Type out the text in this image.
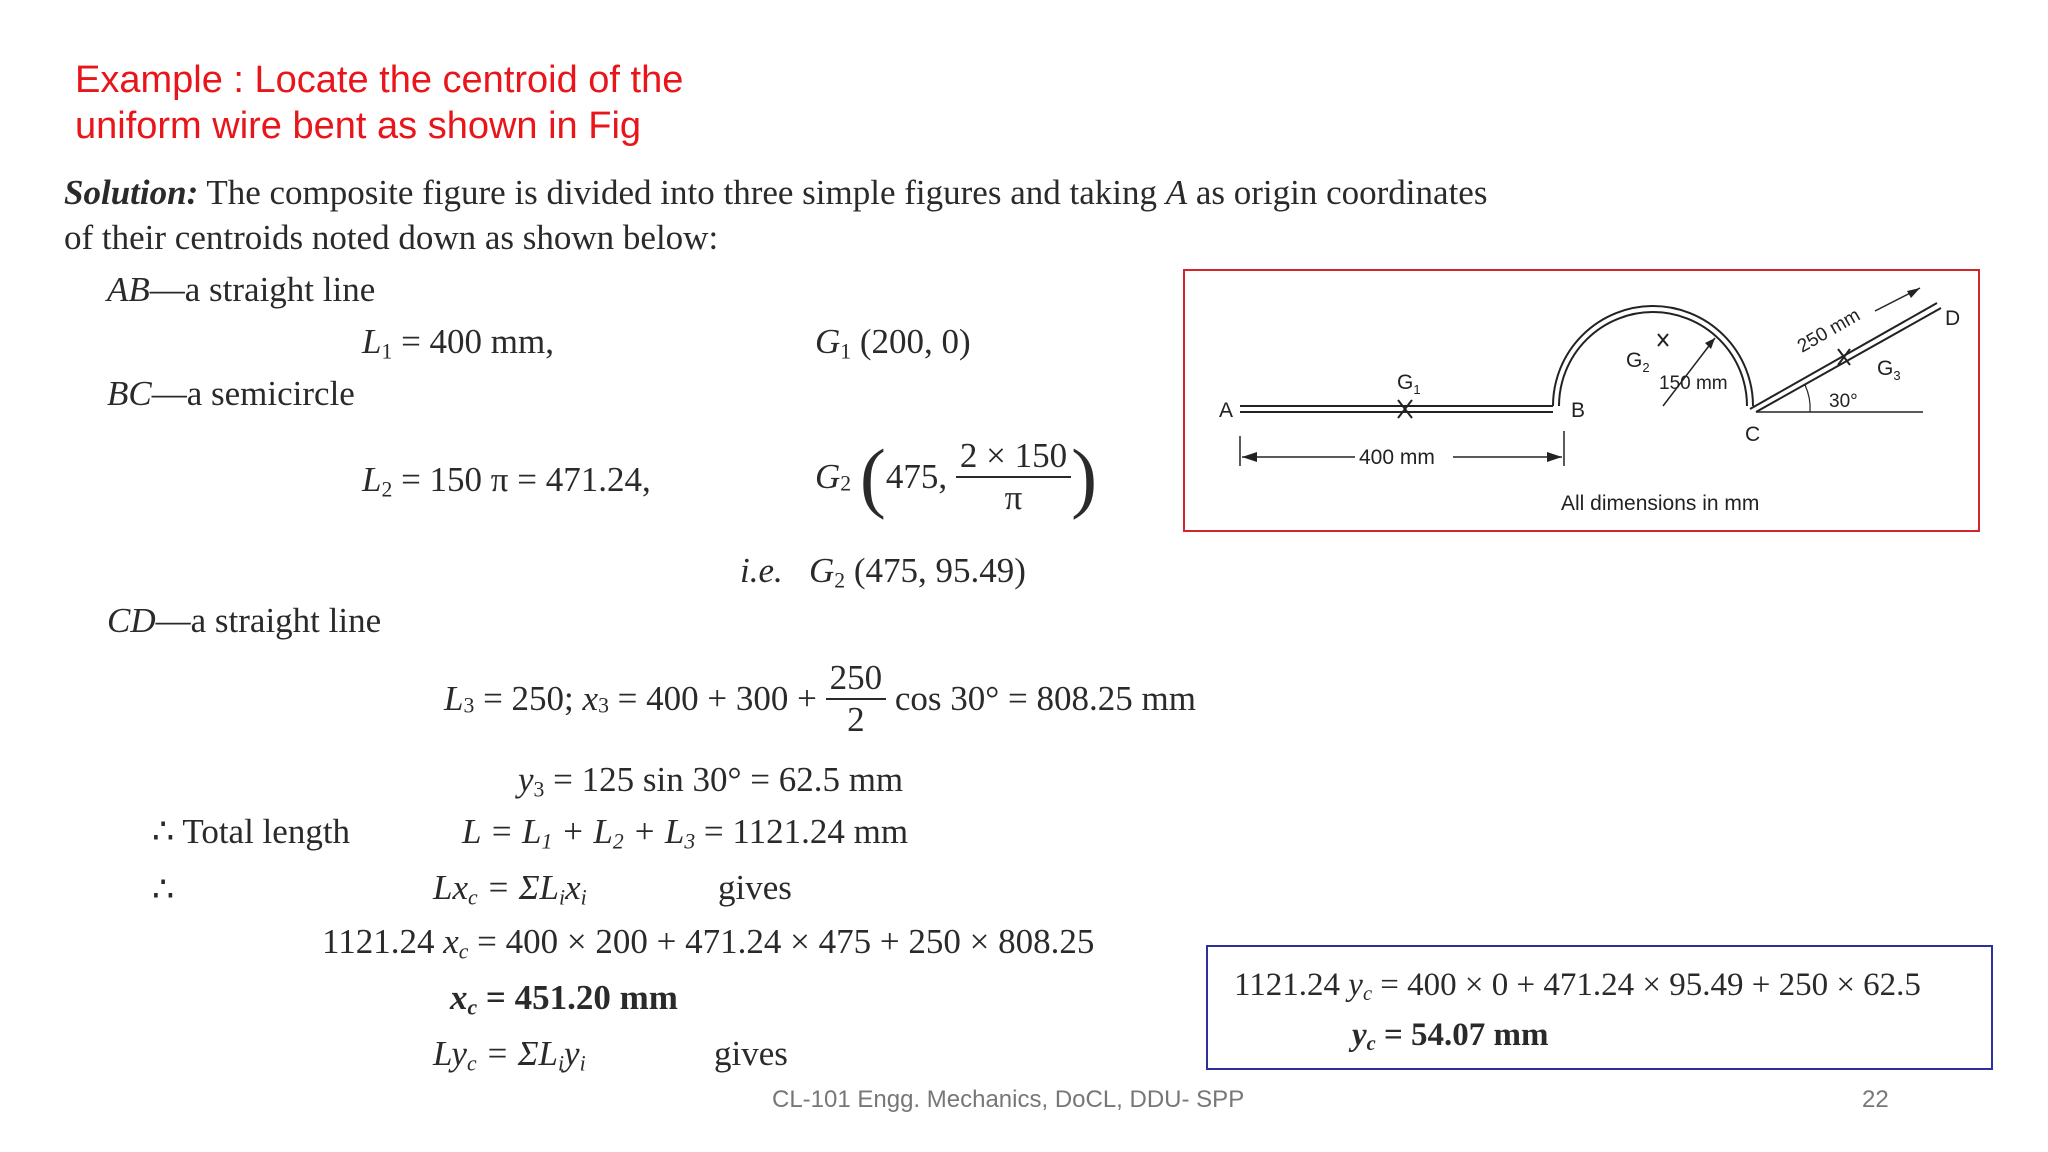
Example : Locate the centroid of the
uniform wire bent as shown in Fig
Solution: The composite figure is divided into three simple figures and taking A as origin coordinates
of their centroids noted down as shown below:
AB—a straight line
$L_1 = 400$ mm,	$G_1$ (200, 0)
BC—a semicircle
$L_2 = 150$ π = 471.24,	$G_2$ (475, $\frac{2 \times 150}{\pi}$ )
i.e. $G_2$ (475, 95.49)
CD—a straight line
$L_3 = 250$; $x_3 = 400 + 300 + \frac{250}{2}$ cos 30° = 808.25 mm
$y_3 = 125$ sin 30° = 62.5 mm
∴ Total length	$L = L_1 + L_2 + L_3 = 1121.24$ mm
∴	$Lx_c = \Sigma L_ix_i$	gives
1121.24 $x_c = 400 \times 200 + 471.24 \times 475 + 250 \times 808.25$
$x_c = 451.20$ mm
$Ly_c = \Sigma L_iy_i$	gives
1121.24 $y_c = 400 \times 0 + 471.24 \times 95.49 + 250 \times 62.5$
$y_c = 54.07$ mm
A	B
C
D
$G_1$
$G_2$	$G_3$
150 mm
250 mm
30°
400 mm
All dimensions in mm
CL-101 Engg. Mechanics, DoCL, DDU- SPP	22
